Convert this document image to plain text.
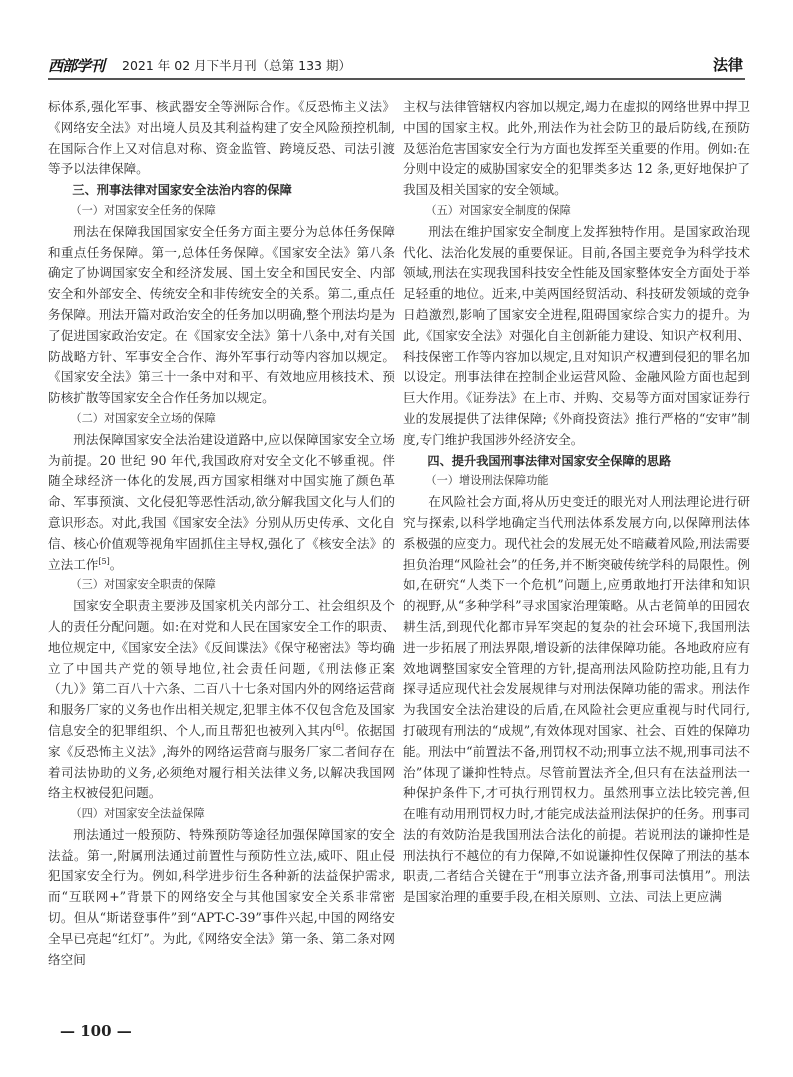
西部学刊 2021 年 02 月下半月刊（总第 133 期）	法律

标体系,强化军事、核武器安全等洲际合作。《反恐怖主义法》《网络安全法》对出境人员及其利益构建了安全风险预控机制,在国际合作上又对信息对称、资金监管、跨境反恐、司法引渡等予以法律保障。

三、刑事法律对国家安全法治内容的保障
（一）对国家安全任务的保障

刑法在保障我国国家安全任务方面主要分为总体任务保障和重点任务保障。第一,总体任务保障。《国家安全法》第八条确定了协调国家安全和经济发展、国土安全和国民安全、内部安全和外部安全、传统安全和非传统安全的关系。第二,重点任务保障。刑法开篇对政治安全的任务加以明确,整个刑法均是为了促进国家政治安定。在《国家安全法》第十八条中,对有关国防战略方针、军事安全合作、海外军事行动等内容加以规定。《国家安全法》第三十一条中对和平、有效地应用核技术、预防核扩散等国家安全合作任务加以规定。

（二）对国家安全立场的保障

刑法保障国家安全法治建设道路中,应以保障国家安全立场为前提。20 世纪 90 年代,我国政府对安全文化不够重视。伴随全球经济一体化的发展,西方国家相继对中国实施了颜色革命、军事预演、文化侵犯等恶性活动,欲分解我国文化与人们的意识形态。对此,我国《国家安全法》分别从历史传承、文化自信、核心价值观等视角牢固抓住主导权,强化了《核安全法》的立法工作[5]。

（三）对国家安全职责的保障

国家安全职责主要涉及国家机关内部分工、社会组织及个人的责任分配问题。如:在对党和人民在国家安全工作的职责、地位规定中,《国家安全法》《反间谍法》《保守秘密法》等均确立了中国共产党的领导地位,社会责任问题,《刑法修正案（九）》第二百八十六条、二百八十七条对国内外的网络运营商和服务厂家的义务也作出相关规定,犯罪主体不仅包含危及国家信息安全的犯罪组织、个人,而且帮犯也被列入其内[6]。依据国家《反恐怖主义法》,海外的网络运营商与服务厂家二者间存在着司法协助的义务,必须绝对履行相关法律义务,以解决我国网络主权被侵犯问题。

（四）对国家安全法益保障

刑法通过一般预防、特殊预防等途径加强保障国家的安全法益。第一,附属刑法通过前置性与预防性立法,威吓、阻止侵犯国家安全行为。例如,科学进步衍生各种新的法益保护需求,而“互联网+”背景下的网络安全与其他国家安全关系非常密切。但从“斯诺登事件”到“APT-C-39”事件兴起,中国的网络安全早已亮起“红灯”。为此,《网络安全法》第一条、第二条对网络空间

主权与法律管辖权内容加以规定,竭力在虚拟的网络世界中捍卫中国的国家主权。此外,刑法作为社会防卫的最后防线,在预防及惩治危害国家安全行为方面也发挥至关重要的作用。例如:在分则中设定的威胁国家安全的犯罪类多达 12 条,更好地保护了我国及相关国家的安全领域。

（五）对国家安全制度的保障

刑法在维护国家安全制度上发挥独特作用。是国家政治现代化、法治化发展的重要保证。目前,各国主要竞争为科学技术领域,刑法在实现我国科技安全性能及国家整体安全方面处于举足轻重的地位。近来,中美两国经贸活动、科技研发领域的竞争日趋激烈,影响了国家安全进程,阻碍国家综合实力的提升。为此,《国家安全法》对强化自主创新能力建设、知识产权利用、科技保密工作等内容加以规定,且对知识产权遭到侵犯的罪名加以设定。刑事法律在控制企业运营风险、金融风险方面也起到巨大作用。《证券法》在上市、并购、交易等方面对国家证券行业的发展提供了法律保障;《外商投资法》推行严格的“安审”制度,专门维护我国涉外经济安全。

四、提升我国刑事法律对国家安全保障的思路
（一）增设刑法保障功能

在风险社会方面,将从历史变迁的眼光对人刑法理论进行研究与探索,以科学地确定当代刑法体系发展方向,以保障刑法体系极强的应变力。现代社会的发展无处不暗藏着风险,刑法需要担负治理“风险社会”的任务,并不断突破传统学科的局限性。例如,在研究“人类下一个危机”问题上,应勇敢地打开法律和知识的视野,从“多种学科”寻求国家治理策略。从古老简单的田园农耕生活,到现代化都市异军突起的复杂的社会环境下,我国刑法进一步拓展了刑法界限,增设新的法律保障功能。各地政府应有效地调整国家安全管理的方针,提高刑法风险防控功能,且有力探寻适应现代社会发展规律与对刑法保障功能的需求。刑法作为我国安全法治建设的后盾,在风险社会更应重视与时代同行,打破现有刑法的“成规”,有效体现对国家、社会、百姓的保障功能。刑法中“前置法不备,刑罚权不动;刑事立法不规,刑事司法不治”体现了谦抑性特点。尽管前置法齐全,但只有在法益刑法一种保护条件下,才可执行刑罚权力。虽然刑事立法比较完善,但在唯有动用刑罚权力时,才能完成法益刑法保护的任务。刑事司法的有效防治是我国刑法合法化的前提。若说刑法的谦抑性是刑法执行不越位的有力保障,不如说谦抑性仅保障了刑法的基本职责,二者结合关键在于“刑事立法齐备,刑事司法慎用”。刑法是国家治理的重要手段,在相关原则、立法、司法上更应满

— 100 —
